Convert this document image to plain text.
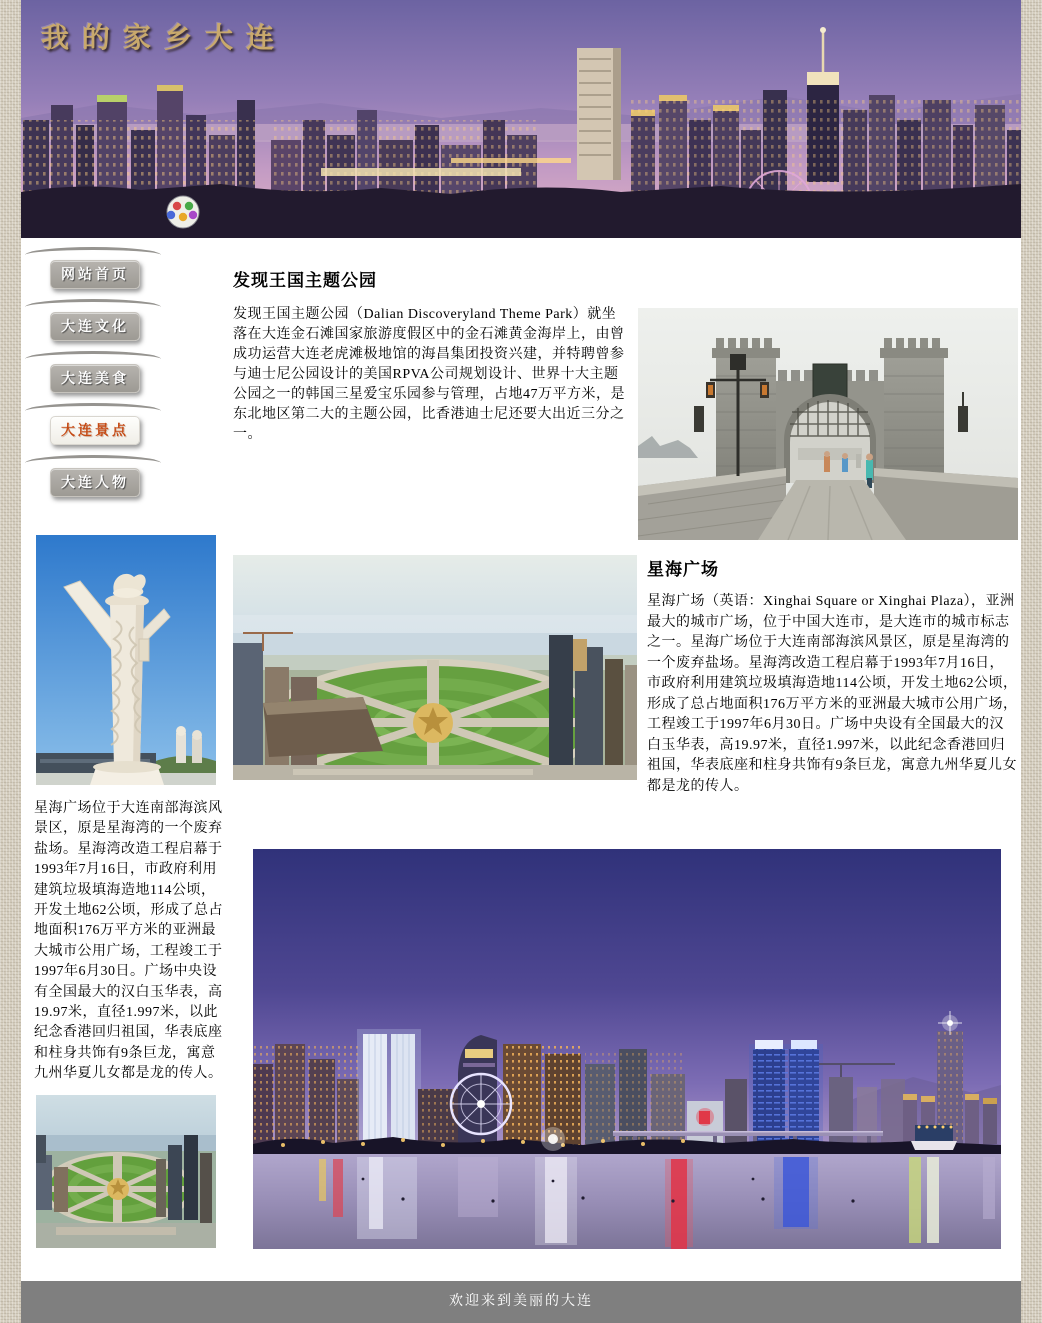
我的家乡大连
网站首页
大连文化
大连美食
大连景点
大连人物

星海广场位于大连南部海滨风景区，原是星海湾的一个废弃盐场。星海湾改造工程启幕于1993年7月16日，市政府利用建筑垃圾填海造地114公顷，开发土地62公顷，形成了总占地面积176万平方米的亚洲最大城市公用广场，工程竣工于1997年6月30日。广场中央设有全国最大的汉白玉华表，高19.97米，直径1.997米，以此纪念香港回归祖国，华表底座和柱身共饰有9条巨龙，寓意九州华夏儿女都是龙的传人。

发现王国主题公园

发现王国主题公园（Dalian Discoveryland Theme Park）就坐落在大连金石滩国家旅游度假区中的金石滩黄金海岸上，由曾成功运营大连老虎滩极地馆的海昌集团投资兴建，并特聘曾参与迪士尼公园设计的美国RPVA公司规划设计、世界十大主题公园之一的韩国三星爱宝乐园参与管理，占地47万平方米，是东北地区第二大的主题公园，比香港迪士尼还要大出近三分之一。

星海广场

星海广场（英语：Xinghai Square or Xinghai Plaza），亚洲最大的城市广场，位于中国大连市，是大连市的城市标志之一。星海广场位于大连南部海滨风景区，原是星海湾的一个废弃盐场。星海湾改造工程启幕于1993年7月16日，市政府利用建筑垃圾填海造地114公顷，开发土地62公顷，形成了总占地面积176万平方米的亚洲最大城市公用广场，工程竣工于1997年6月30日。广场中央设有全国最大的汉白玉华表，高19.97米，直径1.997米，以此纪念香港回归祖国，华表底座和柱身共饰有9条巨龙，寓意九州华夏儿女都是龙的传人。

欢迎来到美丽的大连
